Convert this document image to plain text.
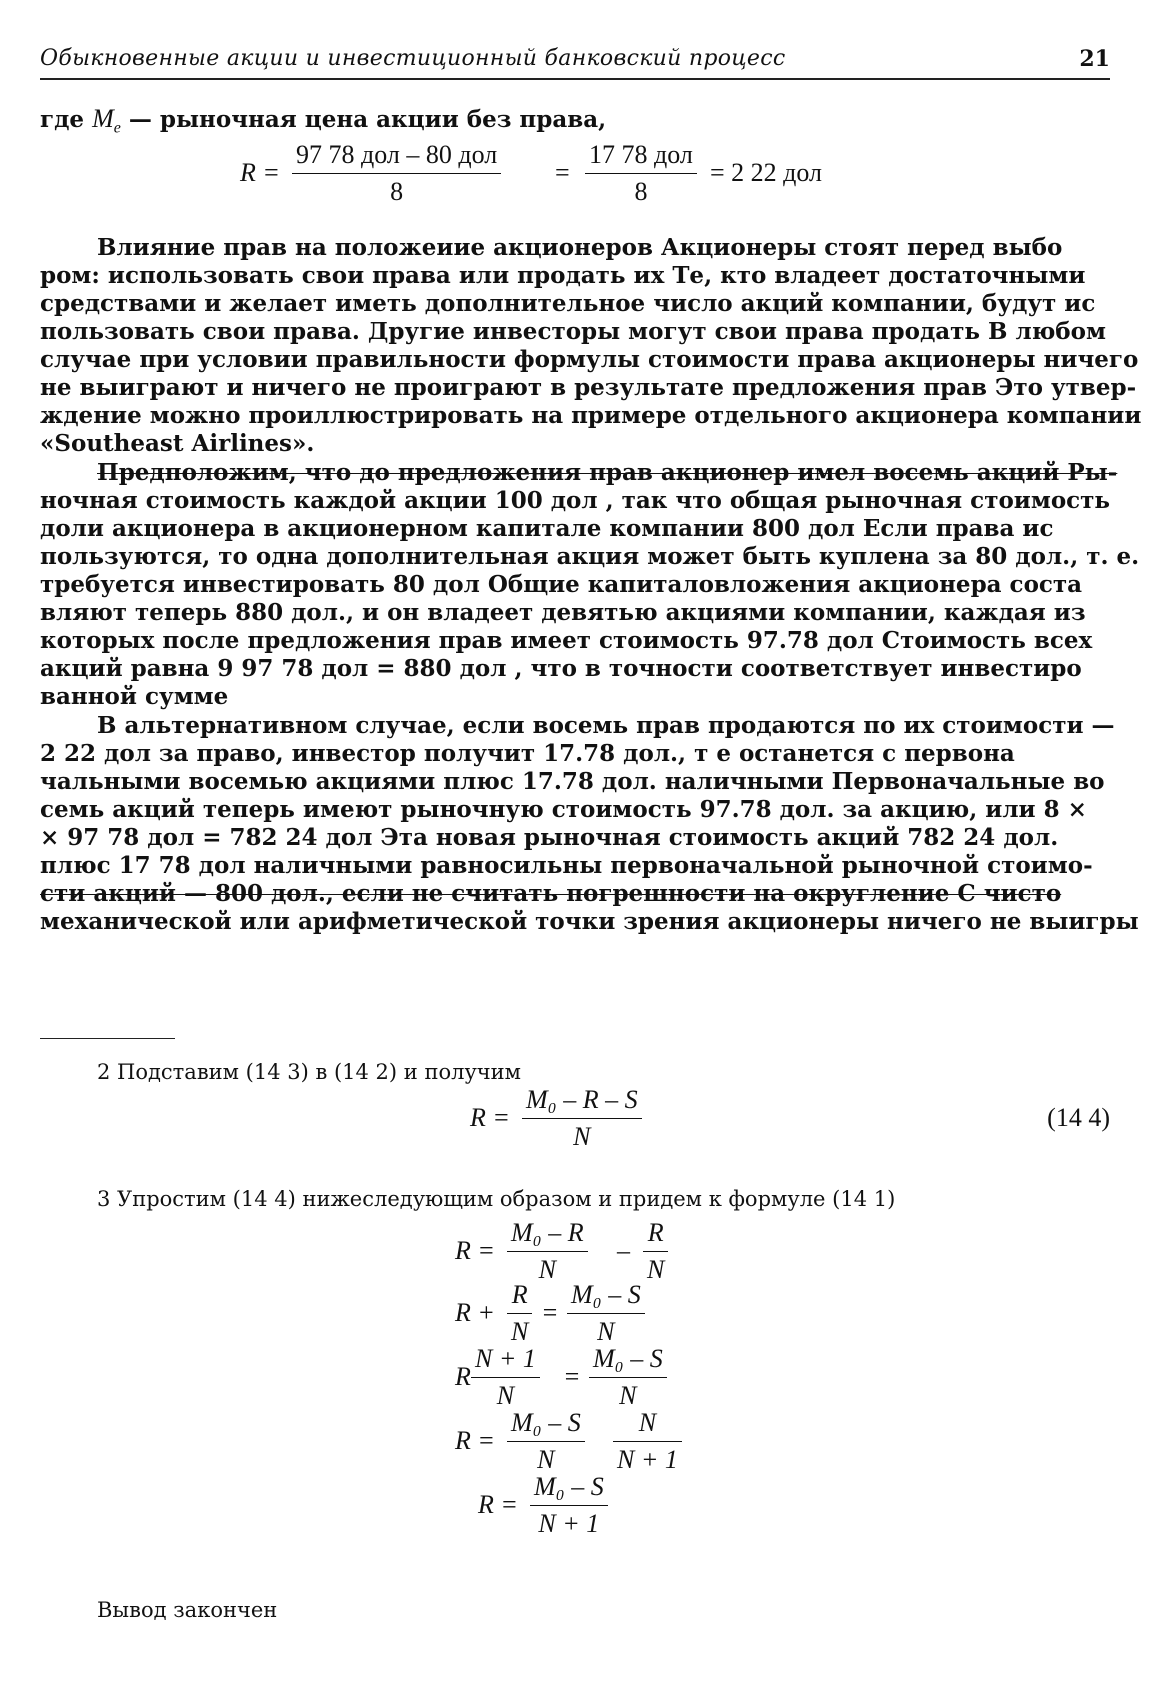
Обыкновенные акции и инвестиционный банковский процесс	21
где $M_e$ — рыночная цена акции без права,
R =
97 78 дол – 80 дол
8
=
17 78 дол
8
= 2 22 дол
Влияние прав на положеиие акционеров Акционеры стоят перед выбо
ром: использовать свои права или продать их Те, кто владеет достаточными
средствами и желает иметь дополнительное число акций компании, будут ис
пользовать свои права. Другие инвесторы могут свои права продать В любом
случае при условии правильности формулы стоимости права акционеры ничего
не выиграют и ничего не проиграют в результате предложения прав Это утвер-
ждение можно проиллюстрировать на примере отдельного акционера компании
«Southeast Airlines».
Предположим, что до предложения прав акционер имел восемь акций Ры-
ночная стоимость каждой акции 100 дол , так что общая рыночная стоимость
доли акционера в акционерном капитале компании 800 дол Если права ис
пользуются, то одна дополнительная акция может быть куплена за 80 дол., т. е.
требуется инвестировать 80 дол Общие капиталовложения акционера соста
вляют теперь 880 дол., и он владеет девятью акциями компании, каждая из
которых после предложения прав имеет стоимость 97.78 дол Стоимость всех
акций равна 9 97 78 дол = 880 дол , что в точности соответствует инвестиро
ванной сумме
В альтернативном случае, если восемь прав продаются по их стоимости —
2 22 дол за право, инвестор получит 17.78 дол., т е останется с первона
чальными восемью акциями плюс 17.78 дол. наличными Первоначальные во
семь акций теперь имеют рыночную стоимость 97.78 дол. за акцию, или 8 ×
× 97 78 дол = 782 24 дол Эта новая рыночная стоимость акций 782 24 дол.
плюс 17 78 дол наличными равносильны первоначальной рыночной стоимо-
сти акций — 800 дол., если не считать погрешности на округление С чисто
механической или арифметической точки зрения акционеры ничего не выигры
2 Подставим (14 3) в (14 2) и получим
$R = \frac{\text{M₀ – R – S}}{N}$	(14 4)
3 Упростим (14 4) нижеследующим образом и придем к формуле (14 1)
$R = \frac{\text{M₀ – R}}{N} - \frac{R}{N}$
$R + \frac{R}{N} = \frac{\text{M₀ – S}}{N}$
R $\frac{N + 1}{N} = \frac{\text{M₀ – S}}{N}$
$R = \frac{\text{M₀ – S}}{N} \frac{N}{N + 1}$
$R = \frac{\text{M₀ – S}}{N + 1}$
Вывод закончен
